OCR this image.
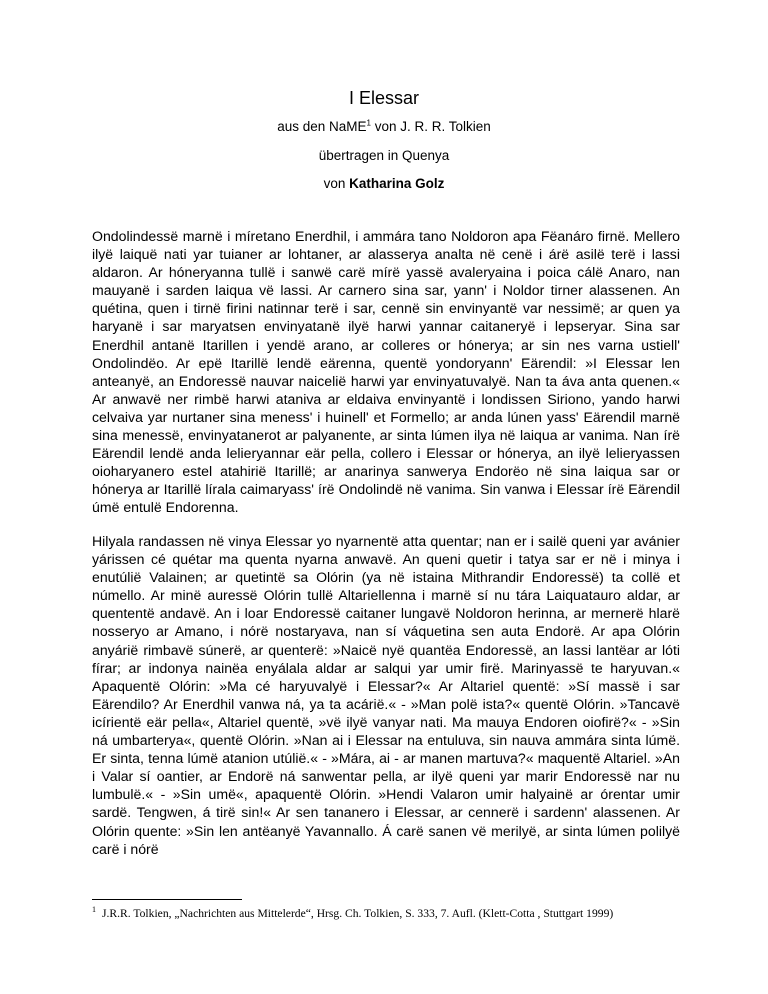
I Elessar
aus den NaME$^1$ von J. R. R. Tolkien
übertragen in Quenya
von Katharina Golz
Ondolindessë marnë i míretano Enerdhil, i ammára tano Noldoron apa Fëanáro firnë. Mellero ilyë laiquë nati yar tuianer ar lohtaner, ar alasserya analta në cenë i árë asilë terë i lassi aldaron. Ar hóneryanna tullë i sanwë carë mírë yassë avaleryaina i poica cálë Anaro, nan mauyanë i sarden laiqua vë lassi. Ar carnero sina sar, yann' i Noldor tirner alassenen. An quétina, quen i tirnë firini natinnar terë i sar, cennë sin envinyantë var nessimë; ar quen ya haryanë i sar maryatsen envinyatanë ilyë harwi yannar caitaneryë i lepseryar. Sina sar Enerdhil antanë Itarillen i yendë arano, ar colleres or hónerya; ar sin nes varna ustiell' Ondolindëo. Ar epë Itarillë lendë eärenna, quentë yondoryann' Eärendil: »I Elessar len anteanyë, an Endoressë nauvar naicelië harwi yar envinyatuvalyë. Nan ta áva anta quenen.« Ar anwavë ner rimbë harwi ataniva ar eldaiva envinyantë i londissen Siriono, yando harwi celvaiva yar nurtaner sina meness' i huinell' et Formello; ar anda lúnen yass' Eärendil marnë sina menessë, envinyatanerot ar palyanente, ar sinta lúmen ilya në laiqua ar vanima. Nan írë Eärendil lendë anda lelieryannar eär pella, collero i Elessar or hónerya, an ilyë lelieryassen oioharyanero estel atahiriё Itarillë; ar anarinya sanwerya Endorëo në sina laiqua sar or hónerya ar Itarillë lírala caimaryass' írë Ondolindë në vanima. Sin vanwa i Elessar írë Eärendil úmë entulë Endorenna.
Hilyala randassen në vinya Elessar yo nyarnentë atta quentar; nan er i sailë queni yar avánier yárissen cé quétar ma quenta nyarna anwavë. An queni quetir i tatya sar er në i minya i enutúlië Valainen; ar quetintë sa Olórin (ya në istaina Mithrandir Endoressë) ta collë et númello. Ar minë auressë Olórin tullë Altariellenna i marnë sí nu tára Laiquatauro aldar, ar quententë andavë. An i loar Endoressë caitaner lungavë Noldoron herinna, ar mernerë hlarë nosseryo ar Amano, i nórë nostaryava, nan sí váquetina sen auta Endorë. Ar apa Olórin anyárië rimbavë súnerë, ar quenterë: »Naicë nyë quantëa Endoressë, an lassi lantëar ar lóti fírar; ar indonya nainëa enyálala aldar ar salqui yar umir firë. Marinyassë te haryuvan.« Apaquentë Olórin: »Ma cé haryuvalyë i Elessar?« Ar Altariel quentë: »Sí massë i sar Eärendilo? Ar Enerdhil vanwa ná, ya ta acárië.« - »Man polë ista?« quentë Olórin. »Tancavë icírientë eär pella«, Altariel quentë, »vë ilyë vanyar nati. Ma mauya Endoren oiofirë?« - »Sin ná umbarterya«, quentë Olórin. »Nan ai i Elessar na entuluva, sin nauva ammára sinta lúmë. Er sinta, tenna lúmë atanion utúlië.« - »Mára, ai - ar manen martuva?« maquentë Altariel. »An i Valar sí oantier, ar Endorë ná sanwentar pella, ar ilyë queni yar marir Endoressë nar nu lumbulë.« - »Sin umë«, apaquentë Olórin. »Hendi Valaron umir halyainë ar órentar umir sardë. Tengwen, á tirë sin!« Ar sen tananero i Elessar, ar cennerë i sardenn' alassenen. Ar Olórin quente: »Sin len antëanyë Yavannallo. Á carë sanen vë merilyë, ar sinta lúmen polilyë carë i nórë
$^1$ J.R.R. Tolkien, „Nachrichten aus Mittelerde“, Hrsg. Ch. Tolkien, S. 333, 7. Aufl. (Klett-Cotta , Stuttgart 1999)
